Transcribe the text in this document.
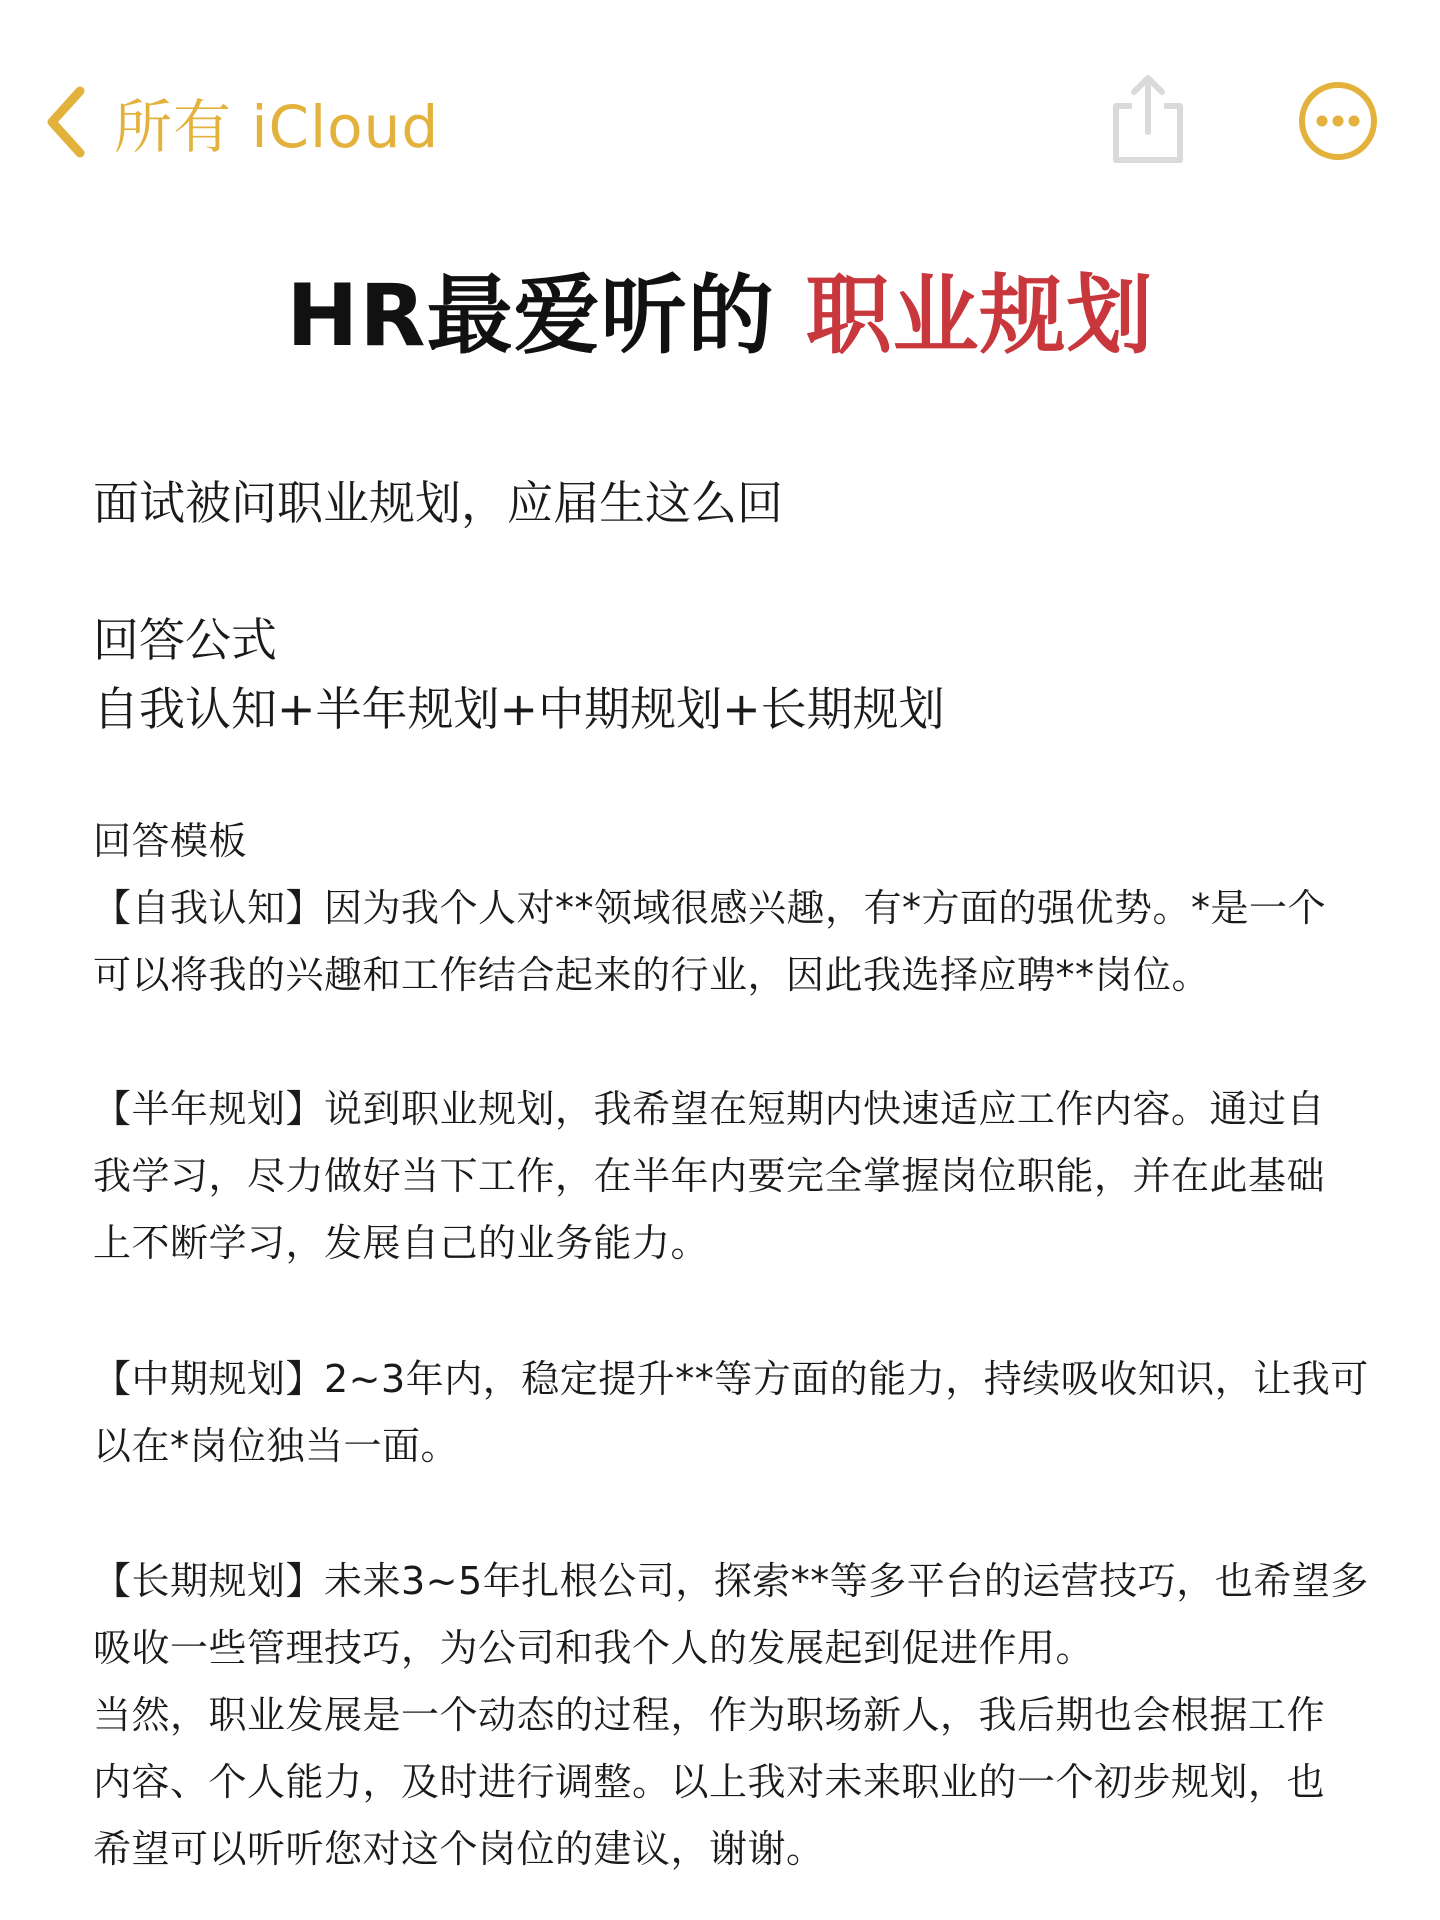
所有 iCloud
HR最爱听的 职业规划
面试被问职业规划，应届生这么回
回答公式
自我认知+半年规划+中期规划+长期规划
回答模板
【自我认知】因为我个人对**领域很感兴趣，有*方面的强优势。*是一个
可以将我的兴趣和工作结合起来的行业，因此我选择应聘**岗位。
【半年规划】说到职业规划，我希望在短期内快速适应工作内容。通过自
我学习，尽力做好当下工作，在半年内要完全掌握岗位职能，并在此基础
上不断学习，发展自己的业务能力。
【中期规划】2~3年内，稳定提升**等方面的能力，持续吸收知识，让我可
以在*岗位独当一面。
【长期规划】未来3~5年扎根公司，探索**等多平台的运营技巧，也希望多
吸收一些管理技巧，为公司和我个人的发展起到促进作用。
当然，职业发展是一个动态的过程，作为职场新人，我后期也会根据工作
内容、个人能力，及时进行调整。以上我对未来职业的一个初步规划，也
希望可以听听您对这个岗位的建议，谢谢。
